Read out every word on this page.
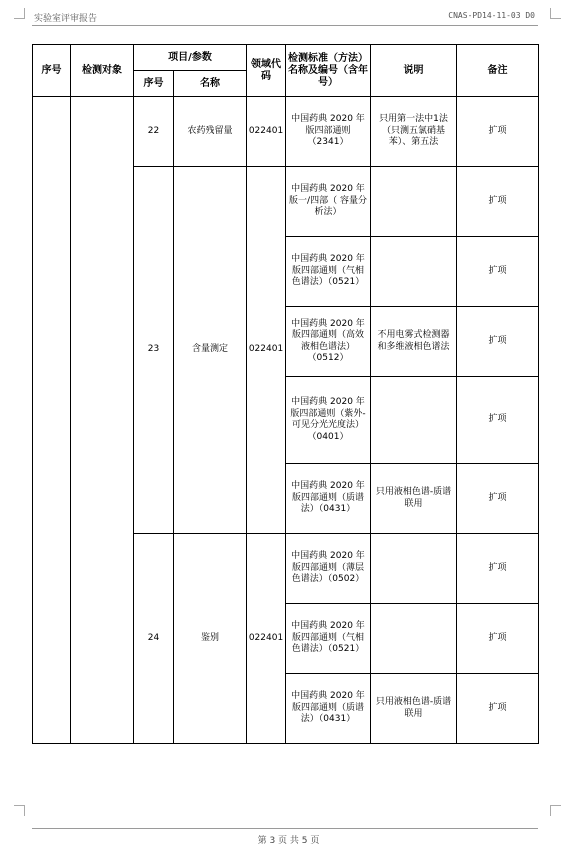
实验室评审报告	CNAS-PD14-11-03 D0
序号	检测对象	项目/参数		领域代码	检测标准（方法）名称及编号（含年号）	说明	备注
		序号	名称				
		22	农药残留量	022401	中国药典 2020 年版四部通则（2341）	只用第一法中1法（只测五氯硝基苯）、第五法	扩项
		23	含量测定	022401	中国药典 2020 年版一/四部（ 容量分析法）		扩项
					中国药典 2020 年版四部通则（气相色谱法）（0521）		扩项
					中国药典 2020 年版四部通则（高效液相色谱法）（0512）	不用电雾式检测器和多维液相色谱法	扩项
					中国药典 2020 年版四部通则（紫外-可见分光光度法）（0401）		扩项
					中国药典 2020 年版四部通则（质谱法）（0431）	只用液相色谱-质谱联用	扩项
		24	鉴别	022401	中国药典 2020 年版四部通则（薄层色谱法）（0502）		扩项
					中国药典 2020 年版四部通则（气相色谱法）（0521）		扩项
					中国药典 2020 年版四部通则（质谱法）（0431）	只用液相色谱-质谱联用	扩项
第 3 页 共 5 页
